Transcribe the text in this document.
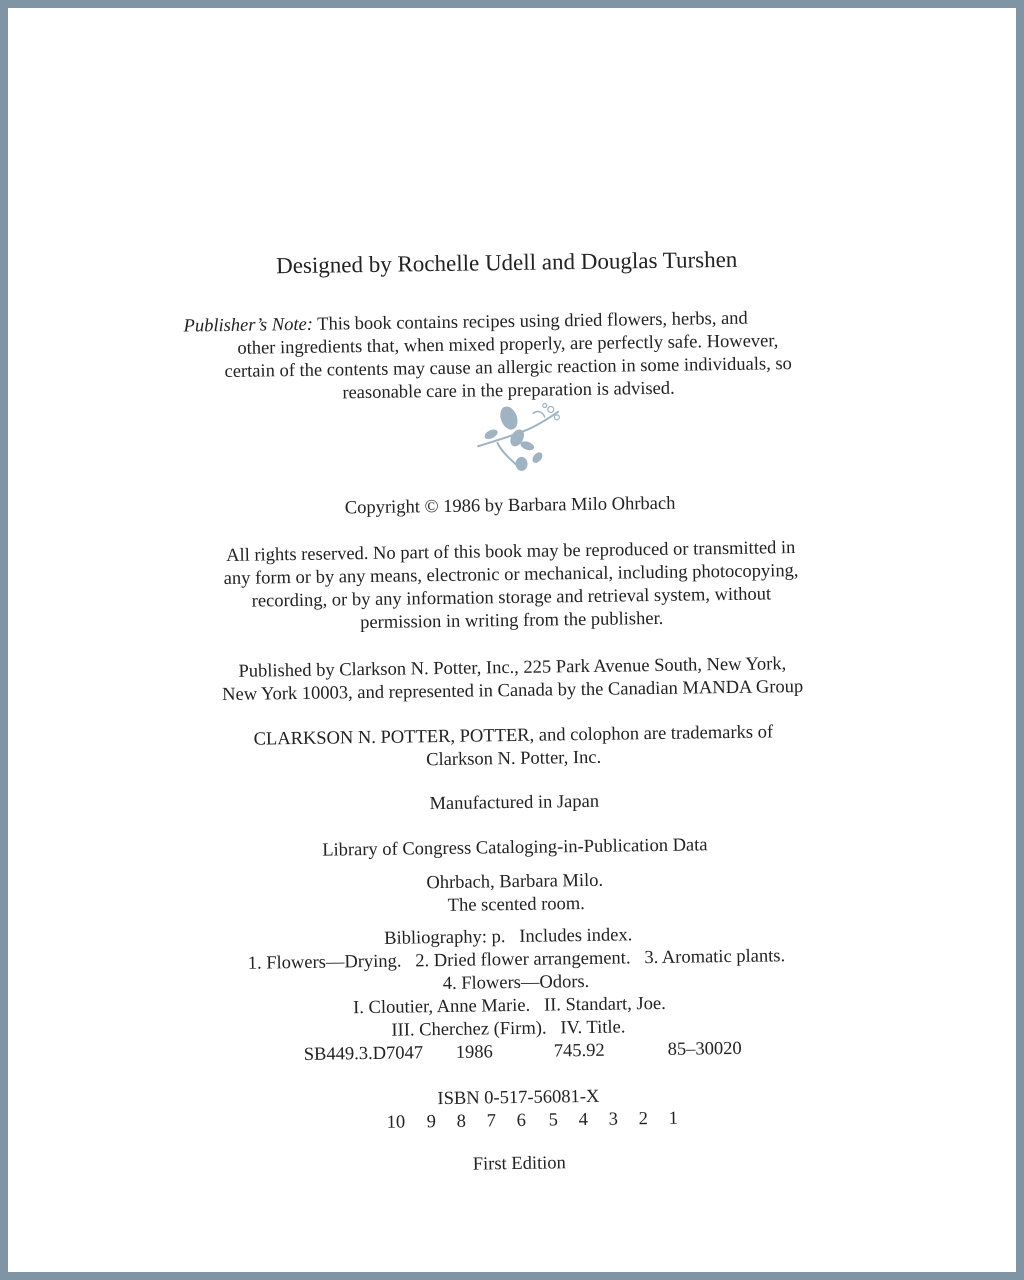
Designed by Rochelle Udell and Douglas Turshen
Publisher’s Note: This book contains recipes using dried flowers, herbs, and
other ingredients that, when mixed properly, are perfectly safe. However,
certain of the contents may cause an allergic reaction in some individuals, so
reasonable care in the preparation is advised.
Copyright © 1986 by Barbara Milo Ohrbach
All rights reserved. No part of this book may be reproduced or transmitted in
any form or by any means, electronic or mechanical, including photocopying,
recording, or by any information storage and retrieval system, without
permission in writing from the publisher.
Published by Clarkson N. Potter, Inc., 225 Park Avenue South, New York,
New York 10003, and represented in Canada by the Canadian MANDA Group
CLARKSON N. POTTER, POTTER, and colophon are trademarks of
Clarkson N. Potter, Inc.
Manufactured in Japan
Library of Congress Cataloging-in-Publication Data
Ohrbach, Barbara Milo.
The scented room.
Bibliography: p.   Includes index.
1. Flowers—Drying.   2. Dried flower arrangement.   3. Aromatic plants.
4. Flowers—Odors.
I. Cloutier, Anne Marie.   II. Standart, Joe.
III. Cherchez (Firm).   IV. Title.
SB449.3.D7047 1986	745.92	85–30020
ISBN 0-517-56081-X
10 9 8 7 6 5 4 3 2 1
First Edition
